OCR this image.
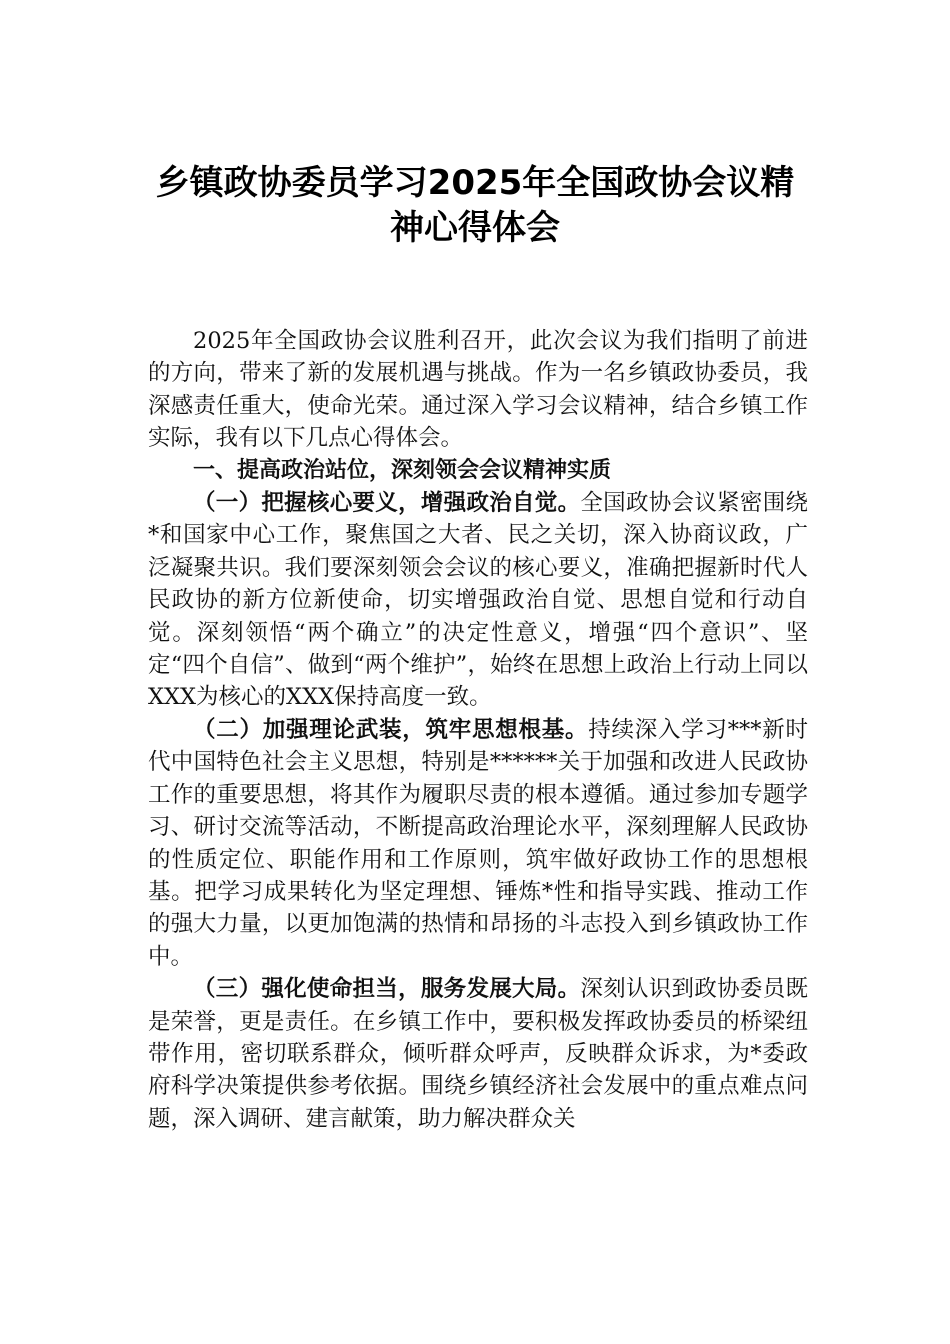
乡镇政协委员学习2025年全国政协会议精
神心得体会

2025年全国政协会议胜利召开，此次会议为我们指明了前进的方向，带来了新的发展机遇与挑战。作为一名乡镇政协委员，我深感责任重大，使命光荣。通过深入学习会议精神，结合乡镇工作实际，我有以下几点心得体会。

一、提高政治站位，深刻领会会议精神实质

（一）把握核心要义，增强政治自觉。全国政协会议紧密围绕*和国家中心工作，聚焦国之大者、民之关切，深入协商议政，广泛凝聚共识。我们要深刻领会会议的核心要义，准确把握新时代人民政协的新方位新使命，切实增强政治自觉、思想自觉和行动自觉。深刻领悟“两个确立”的决定性意义，增强“四个意识”、坚定“四个自信”、做到“两个维护”，始终在思想上政治上行动上同以XXX为核心的XXX保持高度一致。

（二）加强理论武装，筑牢思想根基。持续深入学习***新时代中国特色社会主义思想，特别是******关于加强和改进人民政协工作的重要思想，将其作为履职尽责的根本遵循。通过参加专题学习、研讨交流等活动，不断提高政治理论水平，深刻理解人民政协的性质定位、职能作用和工作原则，筑牢做好政协工作的思想根基。把学习成果转化为坚定理想、锤炼*性和指导实践、推动工作的强大力量，以更加饱满的热情和昂扬的斗志投入到乡镇政协工作中。

（三）强化使命担当，服务发展大局。深刻认识到政协委员既是荣誉，更是责任。在乡镇工作中，要积极发挥政协委员的桥梁纽带作用，密切联系群众，倾听群众呼声，反映群众诉求，为*委政府科学决策提供参考依据。围绕乡镇经济社会发展中的重点难点问题，深入调研、建言献策，助力解决群众关
